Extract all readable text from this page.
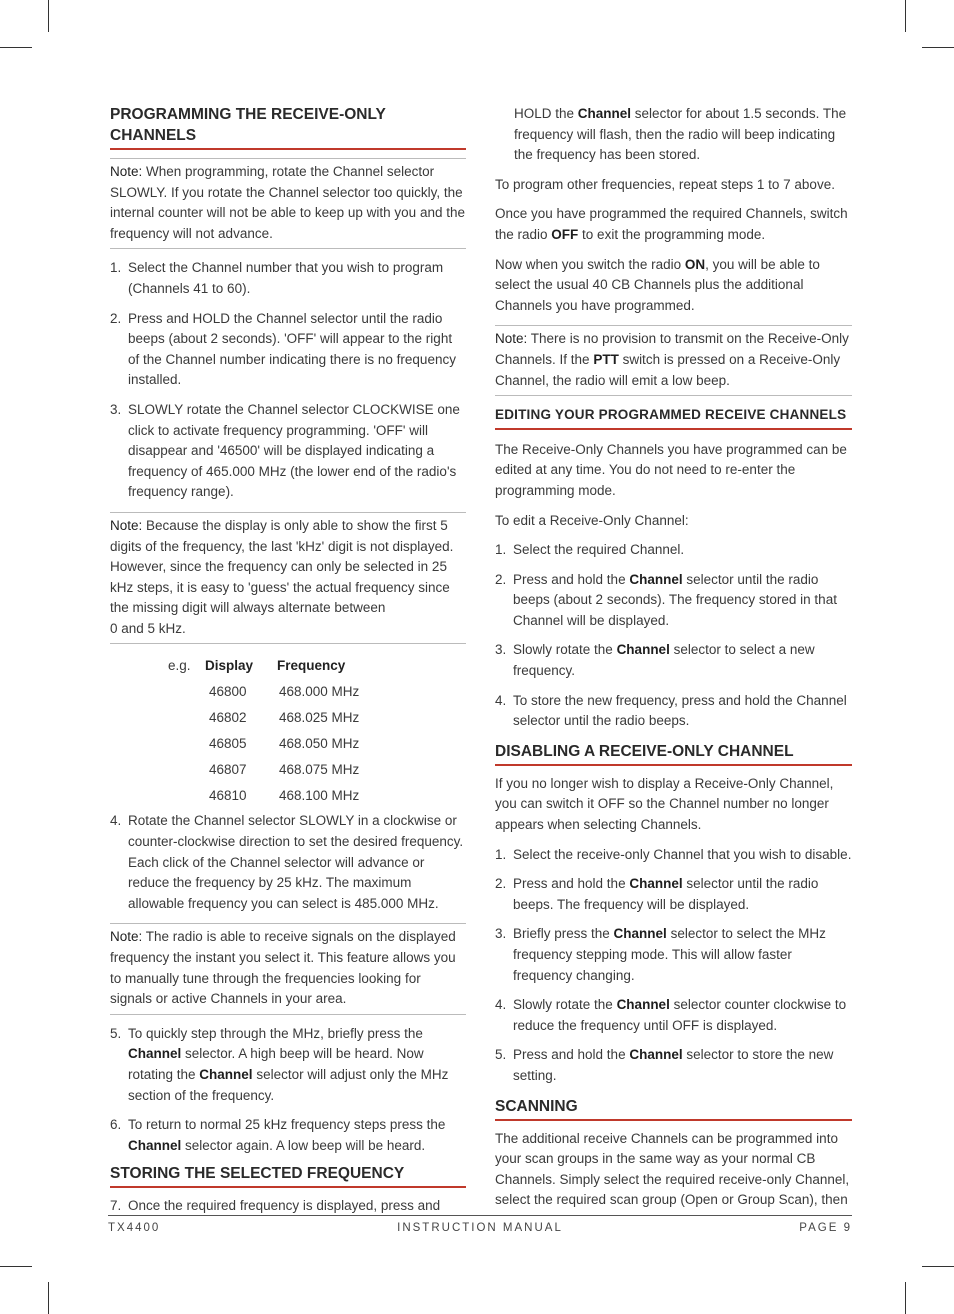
PROGRAMMING THE RECEIVE-ONLY CHANNELS
Note: When programming, rotate the Channel selector SLOWLY. If you rotate the Channel selector too quickly, the internal counter will not be able to keep up with you and the frequency will not advance.
1. Select the Channel number that you wish to program (Channels 41 to 60).
2. Press and HOLD the Channel selector until the radio beeps (about 2 seconds). 'OFF' will appear to the right of the Channel number indicating there is no frequency installed.
3. SLOWLY rotate the Channel selector CLOCKWISE one click to activate frequency programming. 'OFF' will disappear and '46500' will be displayed indicating a frequency of 465.000 MHz (the lower end of the radio's frequency range).
Note: Because the display is only able to show the first 5 digits of the frequency, the last 'kHz' digit is not displayed. However, since the frequency can only be selected in 25 kHz steps, it is easy to 'guess' the actual frequency since the missing digit will always alternate between
0 and 5 kHz.
e.g.	Display	Frequency
	46800	468.000 MHz
	46802	468.025 MHz
	46805	468.050 MHz
	46807	468.075 MHz
	46810	468.100 MHz
4. Rotate the Channel selector SLOWLY in a clockwise or counter-clockwise direction to set the desired frequency. Each click of the Channel selector will advance or reduce the frequency by 25 kHz. The maximum allowable frequency you can select is 485.000 MHz.
Note: The radio is able to receive signals on the displayed frequency the instant you select it. This feature allows you to manually tune through the frequencies looking for signals or active Channels in your area.
5. To quickly step through the MHz, briefly press the Channel selector. A high beep will be heard. Now rotating the Channel selector will adjust only the MHz section of the frequency.
6. To return to normal 25 kHz frequency steps press the Channel selector again. A low beep will be heard.
STORING THE SELECTED FREQUENCY
7. Once the required frequency is displayed, press and

HOLD the Channel selector for about 1.5 seconds. The frequency will flash, then the radio will beep indicating the frequency has been stored.

To program other frequencies, repeat steps 1 to 7 above.

Once you have programmed the required Channels, switch the radio OFF to exit the programming mode.

Now when you switch the radio ON, you will be able to select the usual 40 CB Channels plus the additional Channels you have programmed.

Note: There is no provision to transmit on the Receive-Only Channels. If the PTT switch is pressed on a Receive-Only Channel, the radio will emit a low beep.
EDITING YOUR PROGRAMMED RECEIVE CHANNELS

The Receive-Only Channels you have programmed can be edited at any time. You do not need to re-enter the programming mode.

To edit a Receive-Only Channel:

1. Select the required Channel.
2. Press and hold the Channel selector until the radio beeps (about 2 seconds). The frequency stored in that Channel will be displayed.
3. Slowly rotate the Channel selector to select a new frequency.
4. To store the new frequency, press and hold the Channel selector until the radio beeps.
DISABLING A RECEIVE-ONLY CHANNEL

If you no longer wish to display a Receive-Only Channel, you can switch it OFF so the Channel number no longer appears when selecting Channels.

1. Select the receive-only Channel that you wish to disable.
2. Press and hold the Channel selector until the radio beeps. The frequency will be displayed.
3. Briefly press the Channel selector to select the MHz frequency stepping mode. This will allow faster frequency changing.
4. Slowly rotate the Channel selector counter clockwise to reduce the frequency until OFF is displayed.
5. Press and hold the Channel selector to store the new setting.
SCANNING

The additional receive Channels can be programmed into your scan groups in the same way as your normal CB Channels. Simply select the required receive-only Channel, select the required scan group (Open or Group Scan), then

TX4400	INSTRUCTION MANUAL	PAGE 9
